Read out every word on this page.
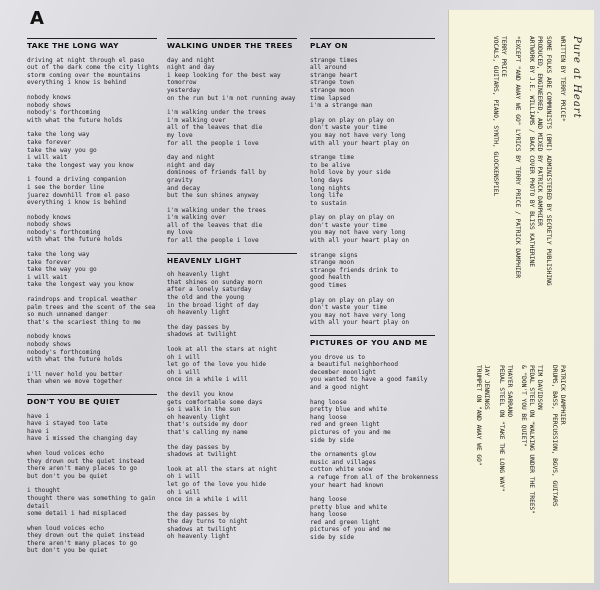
A
TAKE THE LONG WAY
driving at night through el paso
out of the dark come the city lights
storm coming over the mountains
everything i know is behind
nobody knows
nobody shows
nobody's forthcoming
with what the future holds
take the long way
take forever
take the way you go
i will wait
take the longest way you know
i found a driving companion
i see the border line
juarez downhill from el paso
everything i know is behind
nobody knows
nobody shows
nobody's forthcoming
with what the future holds
take the long way
take forever
take the way you go
i will wait
take the longest way you know
raindrops and tropical weather
palm trees and the scent of the sea
so much unnamed danger
that's the scariest thing to me
nobody knows
nobody shows
nobody's forthcoming
with what the future holds
i'll never hold you better
than when we move together
DON'T YOU BE QUIET
have i
have i stayed too late
have i
have i missed the changing day
when loud voices echo
they drown out the quiet instead
there aren't many places to go
but don't you be quiet
i thought
thought there was something to gain
detail
some detail i had misplaced
when loud voices echo
they drown out the quiet instead
there aren't many places to go
but don't you be quiet
WALKING UNDER THE TREES
day and night
night and day
i keep looking for the best way
tomorrow
yesterday
on the run but i'm not running away
i'm walking under the trees
i'm walking over
all of the leaves that die
my love
for all the people i love
day and night
night and day
dominoes of friends fall by
gravity
and decay
but the sun shines anyway
i'm walking under the trees
i'm walking over
all of the leaves that die
my love
for all the people i love
HEAVENLY LIGHT
oh heavenly light
that shines on sunday morn
after a lonely saturday
the old and the young
in the broad light of day
oh heavenly light
the day passes by
shadows at twilight
look at all the stars at night
oh i will
let go of the love you hide
oh i will
once in a while i will
the devil you know
gets comfortable some days
so i walk in the sun
oh heavenly light
that's outside my door
that's calling my name
the day passes by
shadows at twilight
look at all the stars at night
oh i will
let go of the love you hide
oh i will
once in a while i will
the day passes by
the day turns to night
shadows at twilight
oh heavenly light
PLAY ON
strange times
all around
strange heart
strange town
strange moon
time lapsed
i'm a strange man
play on play on play on
don't waste your time
you may not have very long
with all your heart play on
strange time
to be alive
hold love by your side
long days
long nights
long life
to sustain
play on play on play on
don't waste your time
you may not have very long
with all your heart play on
strange signs
strange moon
strange friends drink to
good health
good times
play on play on play on
don't waste your time
you may not have very long
with all your heart play on
PICTURES OF YOU AND ME
you drove us to
a beautiful neighborhood
december moonlight
you wanted to have a good family
and a good night
hang loose
pretty blue and white
hang loose
red and green light
pictures of you and me
side by side
the ornaments glow
music and villages
cotton white snow
a refuge from all of the brokenness
your heart had known
hang loose
pretty blue and white
hang loose
red and green light
pictures of you and me
side by side
Pure at Heart
WRITTEN BY TERRY PRICE*
SOME FOLKS ARE COMMUNISTS (BMI) ADMINISTERED BY SECRETLY PUBLISHING
PRODUCED, ENGINEERED, AND MIXED BY PATRICK DAMPHIER
ARTWORK BY J.E. WILLIAMS / BACK COVER PHOTO BY BLISS KATHERINE
*EXCEPT "AND AWAY WE GO" LYRICS BY TERRY PRICE / PATRICK DAMPHIER
TERRY PRICE
VOCALS, GUITARS, PIANO, SYNTH, GLOCKENSPIEL
PATRICK DAMPHIER
DRUMS, BASS, PERCUSSION, BGVS, GUITARS
TIM DAVIDSON
PEDAL STEEL ON "WALKING UNDER THE TREES"
& "DON'T YOU BE QUIET"
THAYER SARRANO
PEDAL STEEL ON "TAKE THE LONG WAY"
JAY JENNINGS
TRUMPET ON "AND AWAY WE GO"
